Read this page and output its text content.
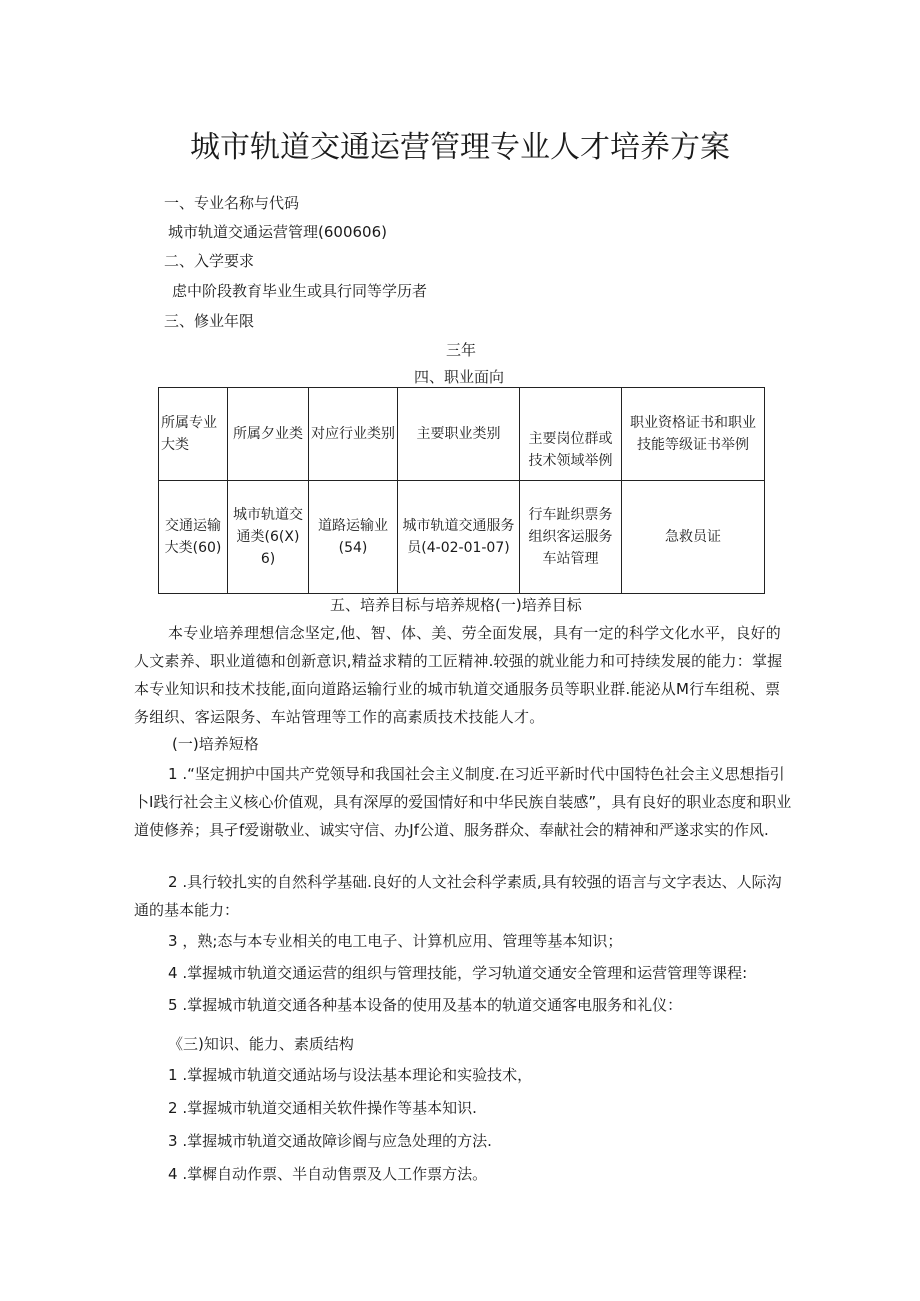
城市轨道交通运营管理专业人才培养方案
一、专业名称与代码
城市轨道交通运营管理(600606)
二、入学要求
虑中阶段教育毕业生或具行同等学历者
三、修业年限
三年
四、职业面向
所属专业大类	所属夕业类	对应行业类别	主要职业类别	主要岗位群或技术领域举例	职业资格证书和职业技能等级证书举例
交通运输大类(60)	城市轨道交通类(6(X)6)	道路运输业(54)	城市轨道交通服务员(4-02-01-07)	行车趾织票务组织客运服务车站管理	急救员证
五、培养目标与培养规格(一)培养目标
本专业培养理想信念坚定,他、智、体、美、劳全面发展，具有一定的科学文化水平，良好的人文素养、职业道德和创新意识,精益求精的工匠精神.较强的就业能力和可持续发展的能力：掌握本专业知识和技术技能,面向道路运输行业的城市轨道交通服务员等职业群.能泌从M行车组税、票务组织、客运限务、车站管理等工作的高素质技术技能人才。
(一)培养短格
1 .“坚定拥护中国共产党领导和我国社会主义制度.在习近平新时代中国特色社会主义思想指引卜I践行社会主义核心价值观，具有深厚的爱国情好和中华民族自装感”，具有良好的职业态度和职业道使修养；具孑f爱谢敬业、诚实守信、办Jf公道、服务群众、奉献社会的精神和严遂求实的作风.
2 .具行较扎实的自然科学基础.良好的人文社会科学素质,具有较强的语言与文字表达、人际沟通的基本能力：
3 ，熟;态与本专业相关的电工电子、计算机应用、管理等基本知识；
4 .掌握城市轨道交通运营的组织与管理技能，学习轨道交通安全管理和运营管理等课程:
5 .掌握城市轨道交通各种基本设备的使用及基本的轨道交通客电服务和礼仪：
《三)知识、能力、素质结构
1 .掌握城市轨道交通站场与设法基本理论和实验技术，
2 .掌握城市轨道交通相关软件操作等基本知识.
3 .掌握城市轨道交通故障诊阍与应急处理的方法.
4 .掌樨自动作票、半自动售票及人工作票方法。
